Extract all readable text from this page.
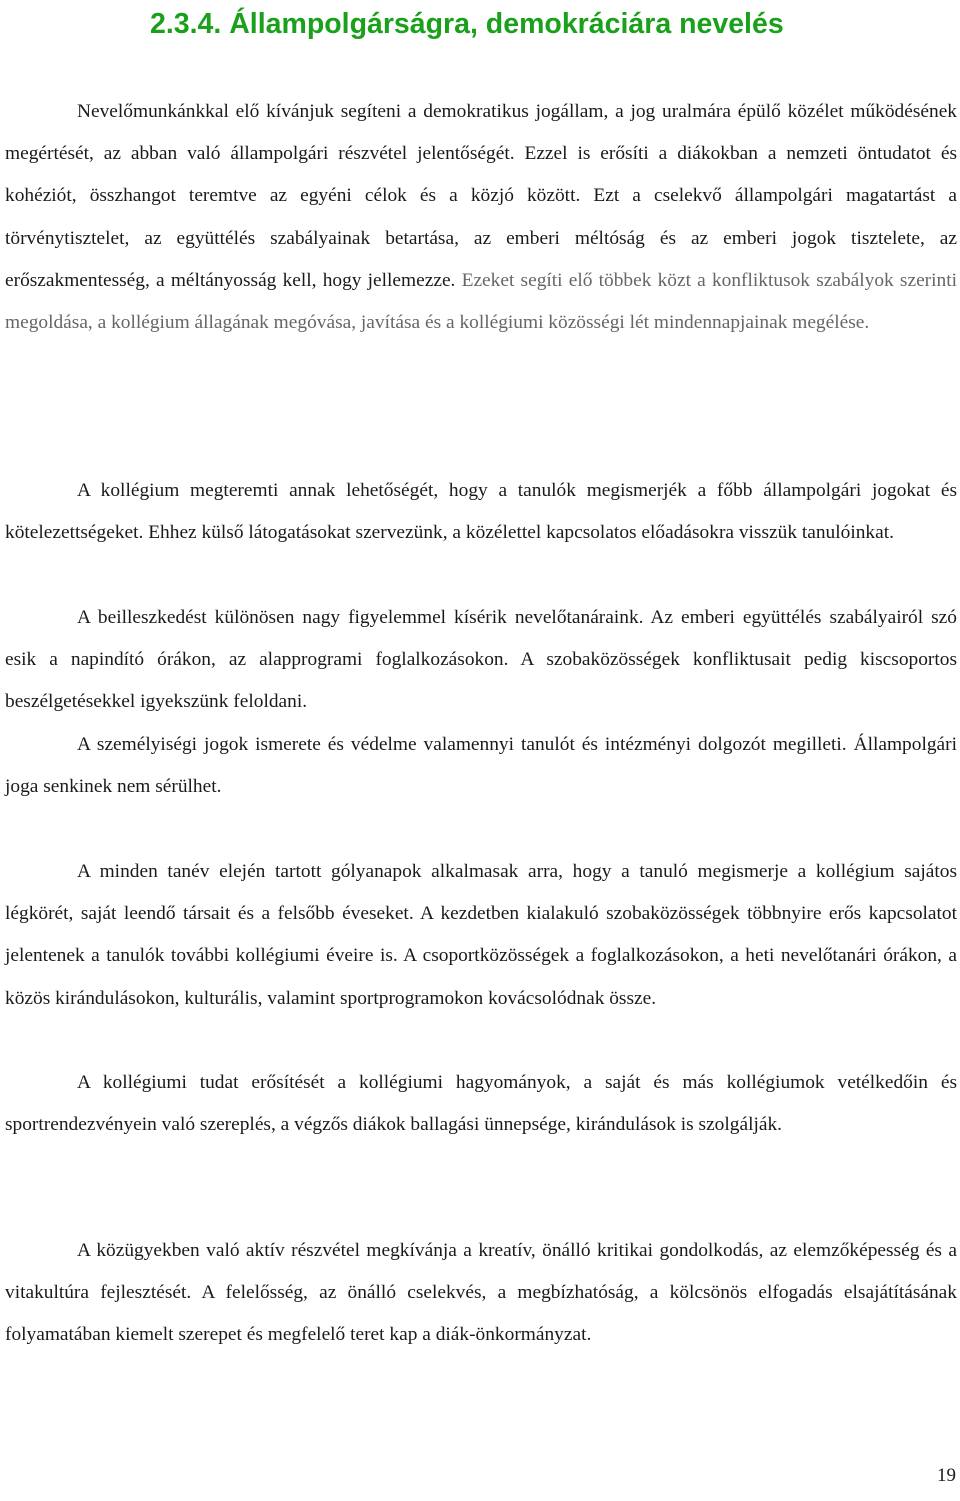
2.3.4. Állampolgárságra, demokráciára nevelés

Nevelőmunkánkkal elő kívánjuk segíteni a demokratikus jogállam, a jog uralmára épülő közélet működésének megértését, az abban való állampolgári részvétel jelentőségét. Ezzel is erősíti a diákokban a nemzeti öntudatot és kohéziót, összhangot teremtve az egyéni célok és a közjó között. Ezt a cselekvő állampolgári magatartást a törvénytisztelet, az együttélés szabályainak betartása, az emberi méltóság és az emberi jogok tisztelete, az erőszakmentesség, a méltányosság kell, hogy jellemezze. Ezeket segíti elő többek közt a konfliktusok szabályok szerinti megoldása, a kollégium állagának megóvása, javítása és a kollégiumi közösségi lét mindennapjainak megélése.

A kollégium megteremti annak lehetőségét, hogy a tanulók megismerjék a főbb állampolgári jogokat és kötelezettségeket. Ehhez külső látogatásokat szervezünk, a közélettel kapcsolatos előadásokra visszük tanulóinkat.

A beilleszkedést különösen nagy figyelemmel kísérik nevelőtanáraink. Az emberi együttélés szabályairól szó esik a napindító órákon, az alapprogrami foglalkozásokon. A szobaközösségek konfliktusait pedig kiscsoportos beszélgetésekkel igyekszünk feloldani.

A személyiségi jogok ismerete és védelme valamennyi tanulót és intézményi dolgozót megilleti. Állampolgári joga senkinek nem sérülhet.

A minden tanév elején tartott gólyanapok alkalmasak arra, hogy a tanuló megismerje a kollégium sajátos légkörét, saját leendő társait és a felsőbb éveseket. A kezdetben kialakuló szobaközösségek többnyire erős kapcsolatot jelentenek a tanulók további kollégiumi éveire is. A csoportközösségek a foglalkozásokon, a heti nevelőtanári órákon, a közös kirándulásokon, kulturális, valamint sportprogramokon kovácsolódnak össze.

A kollégiumi tudat erősítését a kollégiumi hagyományok, a saját és más kollégiumok vetélkedőin és sportrendezvényein való szereplés, a végzős diákok ballagási ünnepsége, kirándulások is szolgálják.

A közügyekben való aktív részvétel megkívánja a kreatív, önálló kritikai gondolkodás, az elemzőképesség és a vitakultúra fejlesztését. A felelősség, az önálló cselekvés, a megbízhatóság, a kölcsönös elfogadás elsajátításának folyamatában kiemelt szerepet és megfelelő teret kap a diák-önkormányzat.

19
